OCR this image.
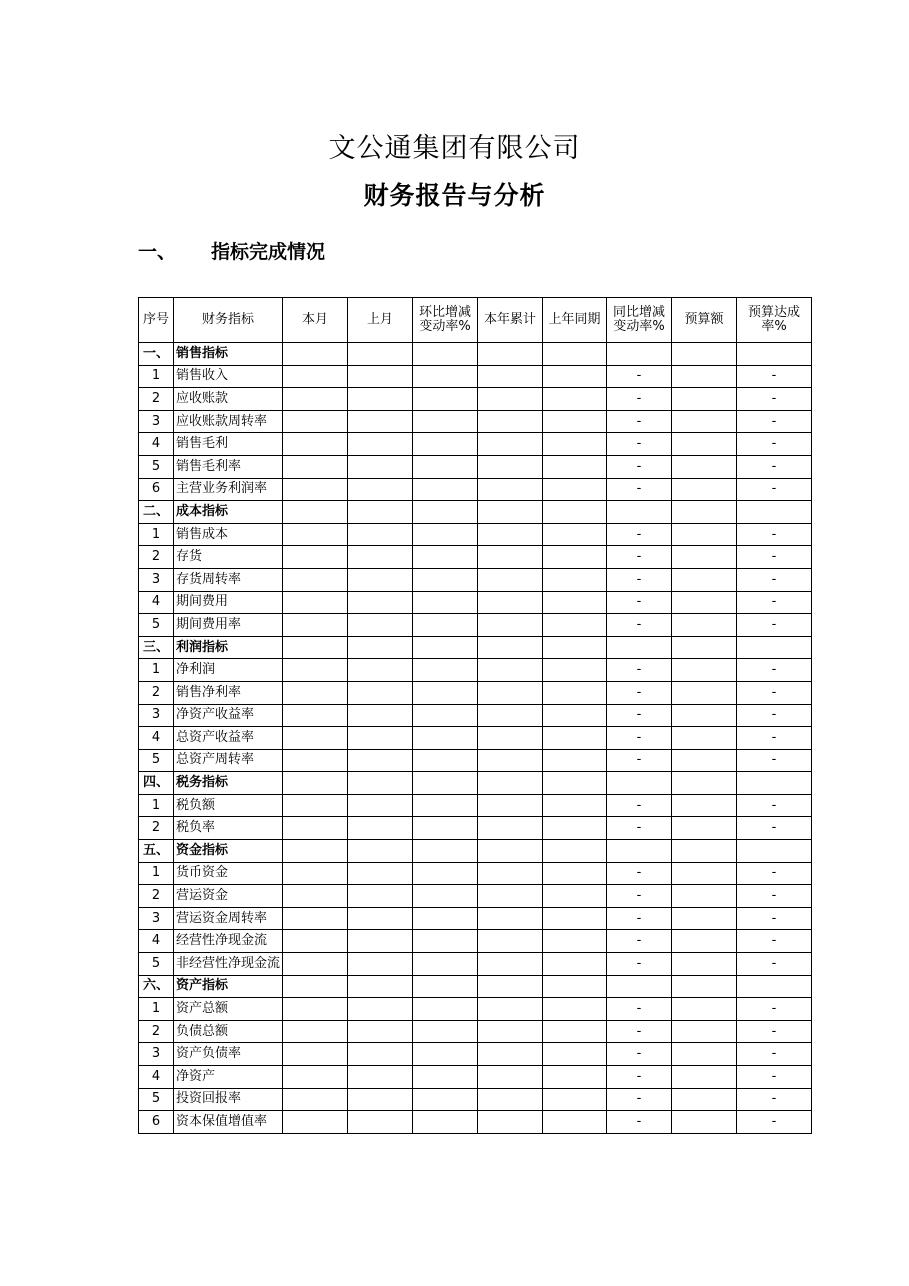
文公通集团有限公司
财务报告与分析
一、 指标完成情况
序号	财务指标	本月	上月	环比增减变动率%	本年累计	上年同期	同比增减变动率%	预算额	预算达成率%
一、	销售指标								
1	销售收入						-		-
2	应收账款						-		-
3	应收账款周转率						-		-
4	销售毛利						-		-
5	销售毛利率						-		-
6	主营业务利润率						-		-
二、	成本指标								
1	销售成本						-		-
2	存货						-		-
3	存货周转率						-		-
4	期间费用						-		-
5	期间费用率						-		-
三、	利润指标								
1	净利润						-		-
2	销售净利率						-		-
3	净资产收益率						-		-
4	总资产收益率						-		-
5	总资产周转率						-		-
四、	税务指标								
1	税负额						-		-
2	税负率						-		-
五、	资金指标								
1	货币资金						-		-
2	营运资金						-		-
3	营运资金周转率						-		-
4	经营性净现金流						-		-
5	非经营性净现金流						-		-
六、	资产指标								
1	资产总额						-		-
2	负债总额						-		-
3	资产负债率						-		-
4	净资产						-		-
5	投资回报率						-		-
6	资本保值增值率						-		-
